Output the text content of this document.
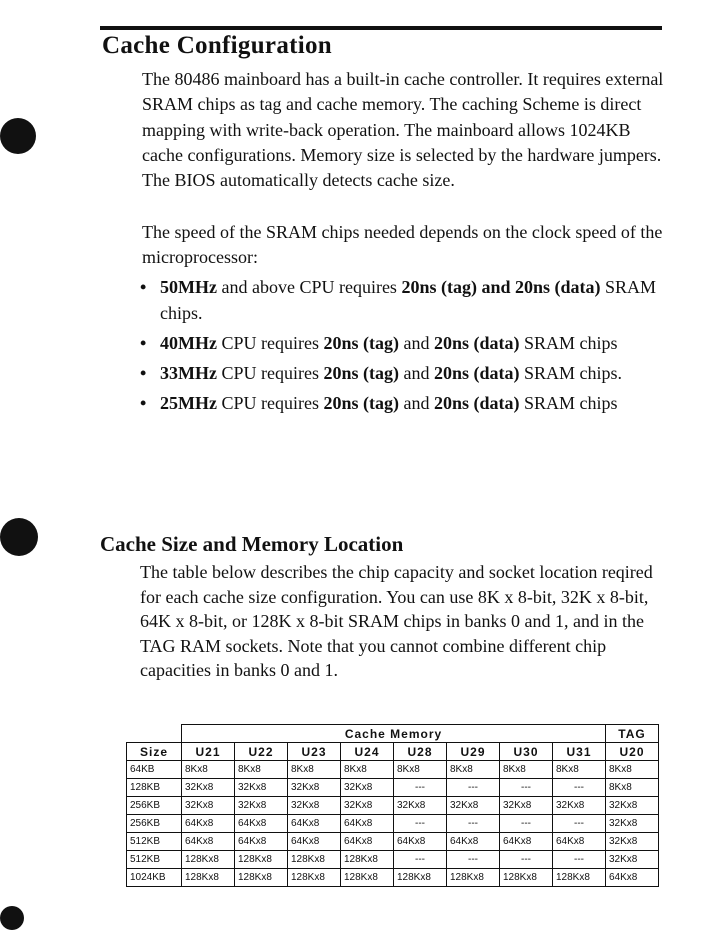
Cache Configuration

The 80486 mainboard has a built-in cache controller. It requires external SRAM chips as tag and cache memory. The caching Scheme is direct mapping with write-back operation. The mainboard allows 1024KB cache configurations. Memory size is selected by the hardware jumpers. The BIOS automatically detects cache size.

The speed of the SRAM chips needed depends on the clock speed of the microprocessor:

• 50MHz and above CPU requires 20ns (tag) and 20ns (data) SRAM chips.
• 40MHz CPU requires 20ns (tag) and 20ns (data) SRAM chips
• 33MHz CPU requires 20ns (tag) and 20ns (data) SRAM chips.
• 25MHz CPU requires 20ns (tag) and 20ns (data) SRAM chips
Cache Size and Memory Location

The table below describes the chip capacity and socket location reqired for each cache size configuration. You can use 8K x 8-bit, 32K x 8-bit, 64K x 8-bit, or 128K x 8-bit SRAM chips in banks 0 and 1, and in the TAG RAM sockets. Note that you cannot combine different chip capacities in banks 0 and 1.

	Cache Memory								TAG
Size	U21	U22	U23	U24	U28	U29	U30	U31	U20
64KB	8Kx8	8Kx8	8Kx8	8Kx8	8Kx8	8Kx8	8Kx8	8Kx8	8Kx8
128KB	32Kx8	32Kx8	32Kx8	32Kx8	---	---	---	---	8Kx8
256KB	32Kx8	32Kx8	32Kx8	32Kx8	32Kx8	32Kx8	32Kx8	32Kx8	32Kx8
256KB	64Kx8	64Kx8	64Kx8	64Kx8	---	---	---	---	32Kx8
512KB	64Kx8	64Kx8	64Kx8	64Kx8	64Kx8	64Kx8	64Kx8	64Kx8	32Kx8
512KB	128Kx8	128Kx8	128Kx8	128Kx8	---	---	---	---	32Kx8
1024KB	128Kx8	128Kx8	128Kx8	128Kx8	128Kx8	128Kx8	128Kx8	128Kx8	64Kx8
